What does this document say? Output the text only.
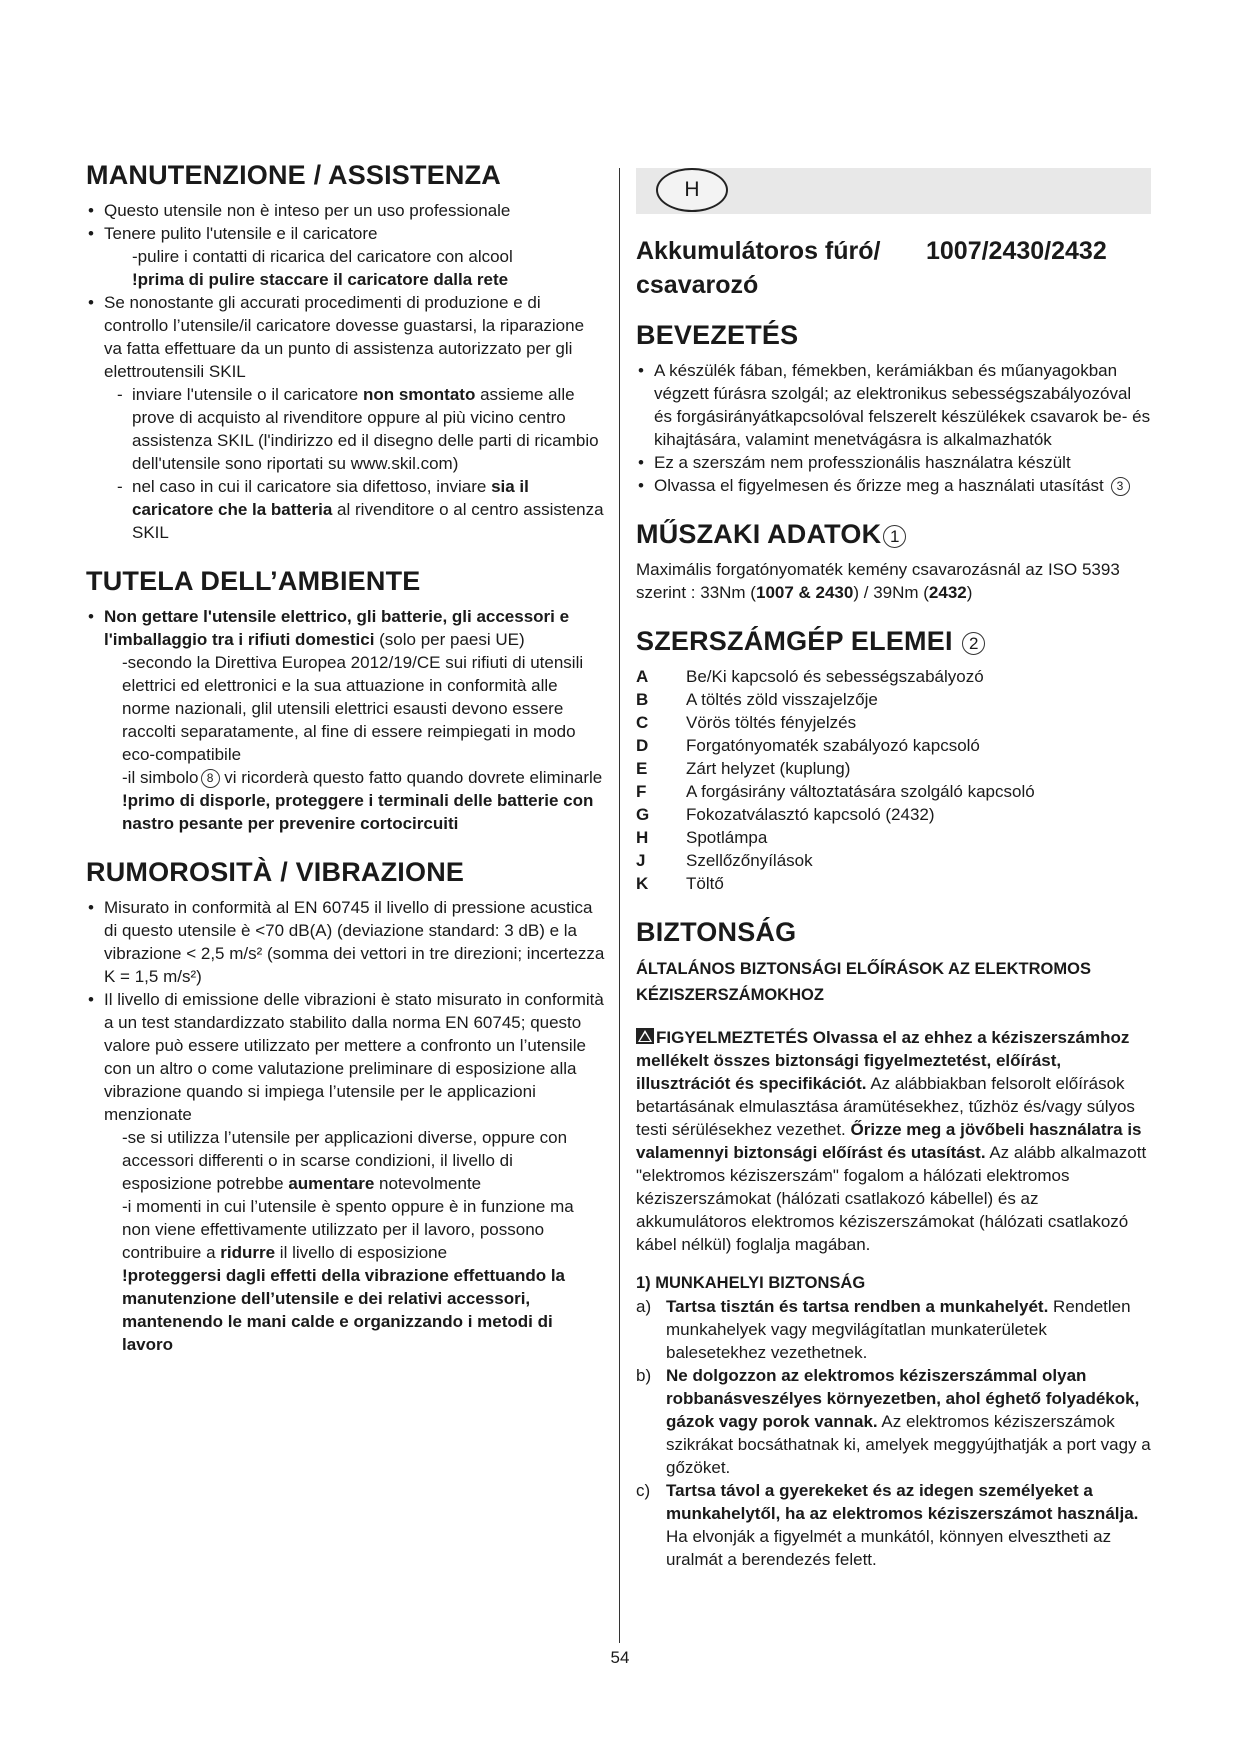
MANUTENZIONE / ASSISTENZA
• Questo utensile non è inteso per un uso professionale
• Tenere pulito l'utensile e il caricatore

-pulire i contatti di ricarica del caricatore con alcool

!prima di pulire staccare il caricatore dalla rete

• Se nonostante gli accurati procedimenti di produzione e di controllo l’utensile/il caricatore dovesse guastarsi, la riparazione va fatta effettuare da un punto di assistenza autorizzato per gli elettroutensili SKIL

- inviare l'utensile o il caricatore non smontato assieme alle prove di acquisto al rivenditore oppure al più vicino centro assistenza SKIL (l'indirizzo ed il disegno delle parti di ricambio dell'utensile sono riportati su www.skil.com)

- nel caso in cui il caricatore sia difettoso, inviare sia il caricatore che la batteria al rivenditore o al centro assistenza SKIL

TUTELA DELL’AMBIENTE
• Non gettare l'utensile elettrico, gli batterie, gli accessori e l'imballaggio tra i rifiuti domestici (solo per paesi UE)

-secondo la Direttiva Europea 2012/19/CE sui rifiuti di utensili elettrici ed elettronici e la sua attuazione in conformità alle norme nazionali, glil utensili elettrici esausti devono essere raccolti separatamente, al fine di essere reimpiegati in modo eco-compatibile

-il simbolo 8 vi ricorderà questo fatto quando dovrete eliminarle

!primo di disporle, proteggere i terminali delle batterie con nastro pesante per prevenire cortocircuiti

RUMOROSITÀ / VIBRAZIONE
• Misurato in conformità al EN 60745 il livello di pressione acustica di questo utensile è <70 dB(A) (deviazione standard: 3 dB) e la vibrazione < 2,5 m/s² (somma dei vettori in tre direzioni; incertezza K = 1,5 m/s²)
• Il livello di emissione delle vibrazioni è stato misurato in conformità a un test standardizzato stabilito dalla norma EN 60745; questo valore può essere utilizzato per mettere a confronto un l’utensile con un altro o come valutazione preliminare di esposizione alla vibrazione quando si impiega l’utensile per le applicazioni menzionate

-se si utilizza l’utensile per applicazioni diverse, oppure con accessori differenti o in scarse condizioni, il livello di esposizione potrebbe aumentare notevolmente

-i momenti in cui l’utensile è spento oppure è in funzione ma non viene effettivamente utilizzato per il lavoro, possono contribuire a ridurre il livello di esposizione

!proteggersi dagli effetti della vibrazione effettuando la manutenzione dell’utensile e dei relativi accessori, mantenendo le mani calde e organizzando i metodi di lavoro

H
Akkumulátoros fúró/ csavarozó
1007/2430/2432
BEVEZETÉS
• A készülék fában, fémekben, kerámiákban és műanyagokban végzett fúrásra szolgál; az elektronikus sebességszabályozóval és forgásirányátkapcsolóval felszerelt készülékek csavarok be- és kihajtására, valamint menetvágásra is alkalmazhatók
• Ez a szerszám nem professzionális használatra készült
• Olvassa el figyelmesen és őrizze meg a használati utasítást 3
MŰSZAKI ADATOK 1

Maximális forgatónyomaték kemény csavarozásnál az ISO 5393 szerint : 33Nm (1007 & 2430) / 39Nm (2432)

SZERSZÁMGÉP ELEMEI 2
A	Be/Ki kapcsoló és sebességszabályozó
B	A töltés zöld visszajelzője
C	Vörös töltés fényjelzés
D	Forgatónyomaték szabályozó kapcsoló
E	Zárt helyzet (kuplung)
F	A forgásirány változtatására szolgáló kapcsoló
G	Fokozatválasztó kapcsoló (2432)
H	Spotlámpa
J	Szellőzőnyílások
K	Töltő
BIZTONSÁG
ÁLTALÁNOS BIZTONSÁGI ELŐÍRÁSOK AZ ELEKTROMOS KÉZISZERSZÁMOKHOZ

FIGYELMEZTETÉS Olvassa el az ehhez a kéziszerszámhoz mellékelt összes biztonsági figyelmeztetést, előírást, illusztrációt és specifikációt. Az alábbiakban felsorolt előírások betartásának elmulasztása áramütésekhez, tűzhöz és/vagy súlyos testi sérülésekhez vezethet. Őrizze meg a jövőbeli használatra is valamennyi biztonsági előírást és utasítást. Az alább alkalmazott "elektromos kéziszerszám" fogalom a hálózati elektromos kéziszerszámokat (hálózati csatlakozó kábellel) és az akkumulátoros elektromos kéziszerszámokat (hálózati csatlakozó kábel nélkül) foglalja magában.

1) MUNKAHELYI BIZTONSÁG

a) Tartsa tisztán és tartsa rendben a munkahelyét. Rendetlen munkahelyek vagy megvilágítatlan munkaterületek balesetekhez vezethetnek.

b) Ne dolgozzon az elektromos kéziszerszámmal olyan robbanásveszélyes környezetben, ahol éghető folyadékok, gázok vagy porok vannak. Az elektromos kéziszerszámok szikrákat bocsáthatnak ki, amelyek meggyújthatják a port vagy a gőzöket.

c) Tartsa távol a gyerekeket és az idegen személyeket a munkahelytől, ha az elektromos kéziszerszámot használja. Ha elvonják a figyelmét a munkától, könnyen elvesztheti az uralmát a berendezés felett.

54
